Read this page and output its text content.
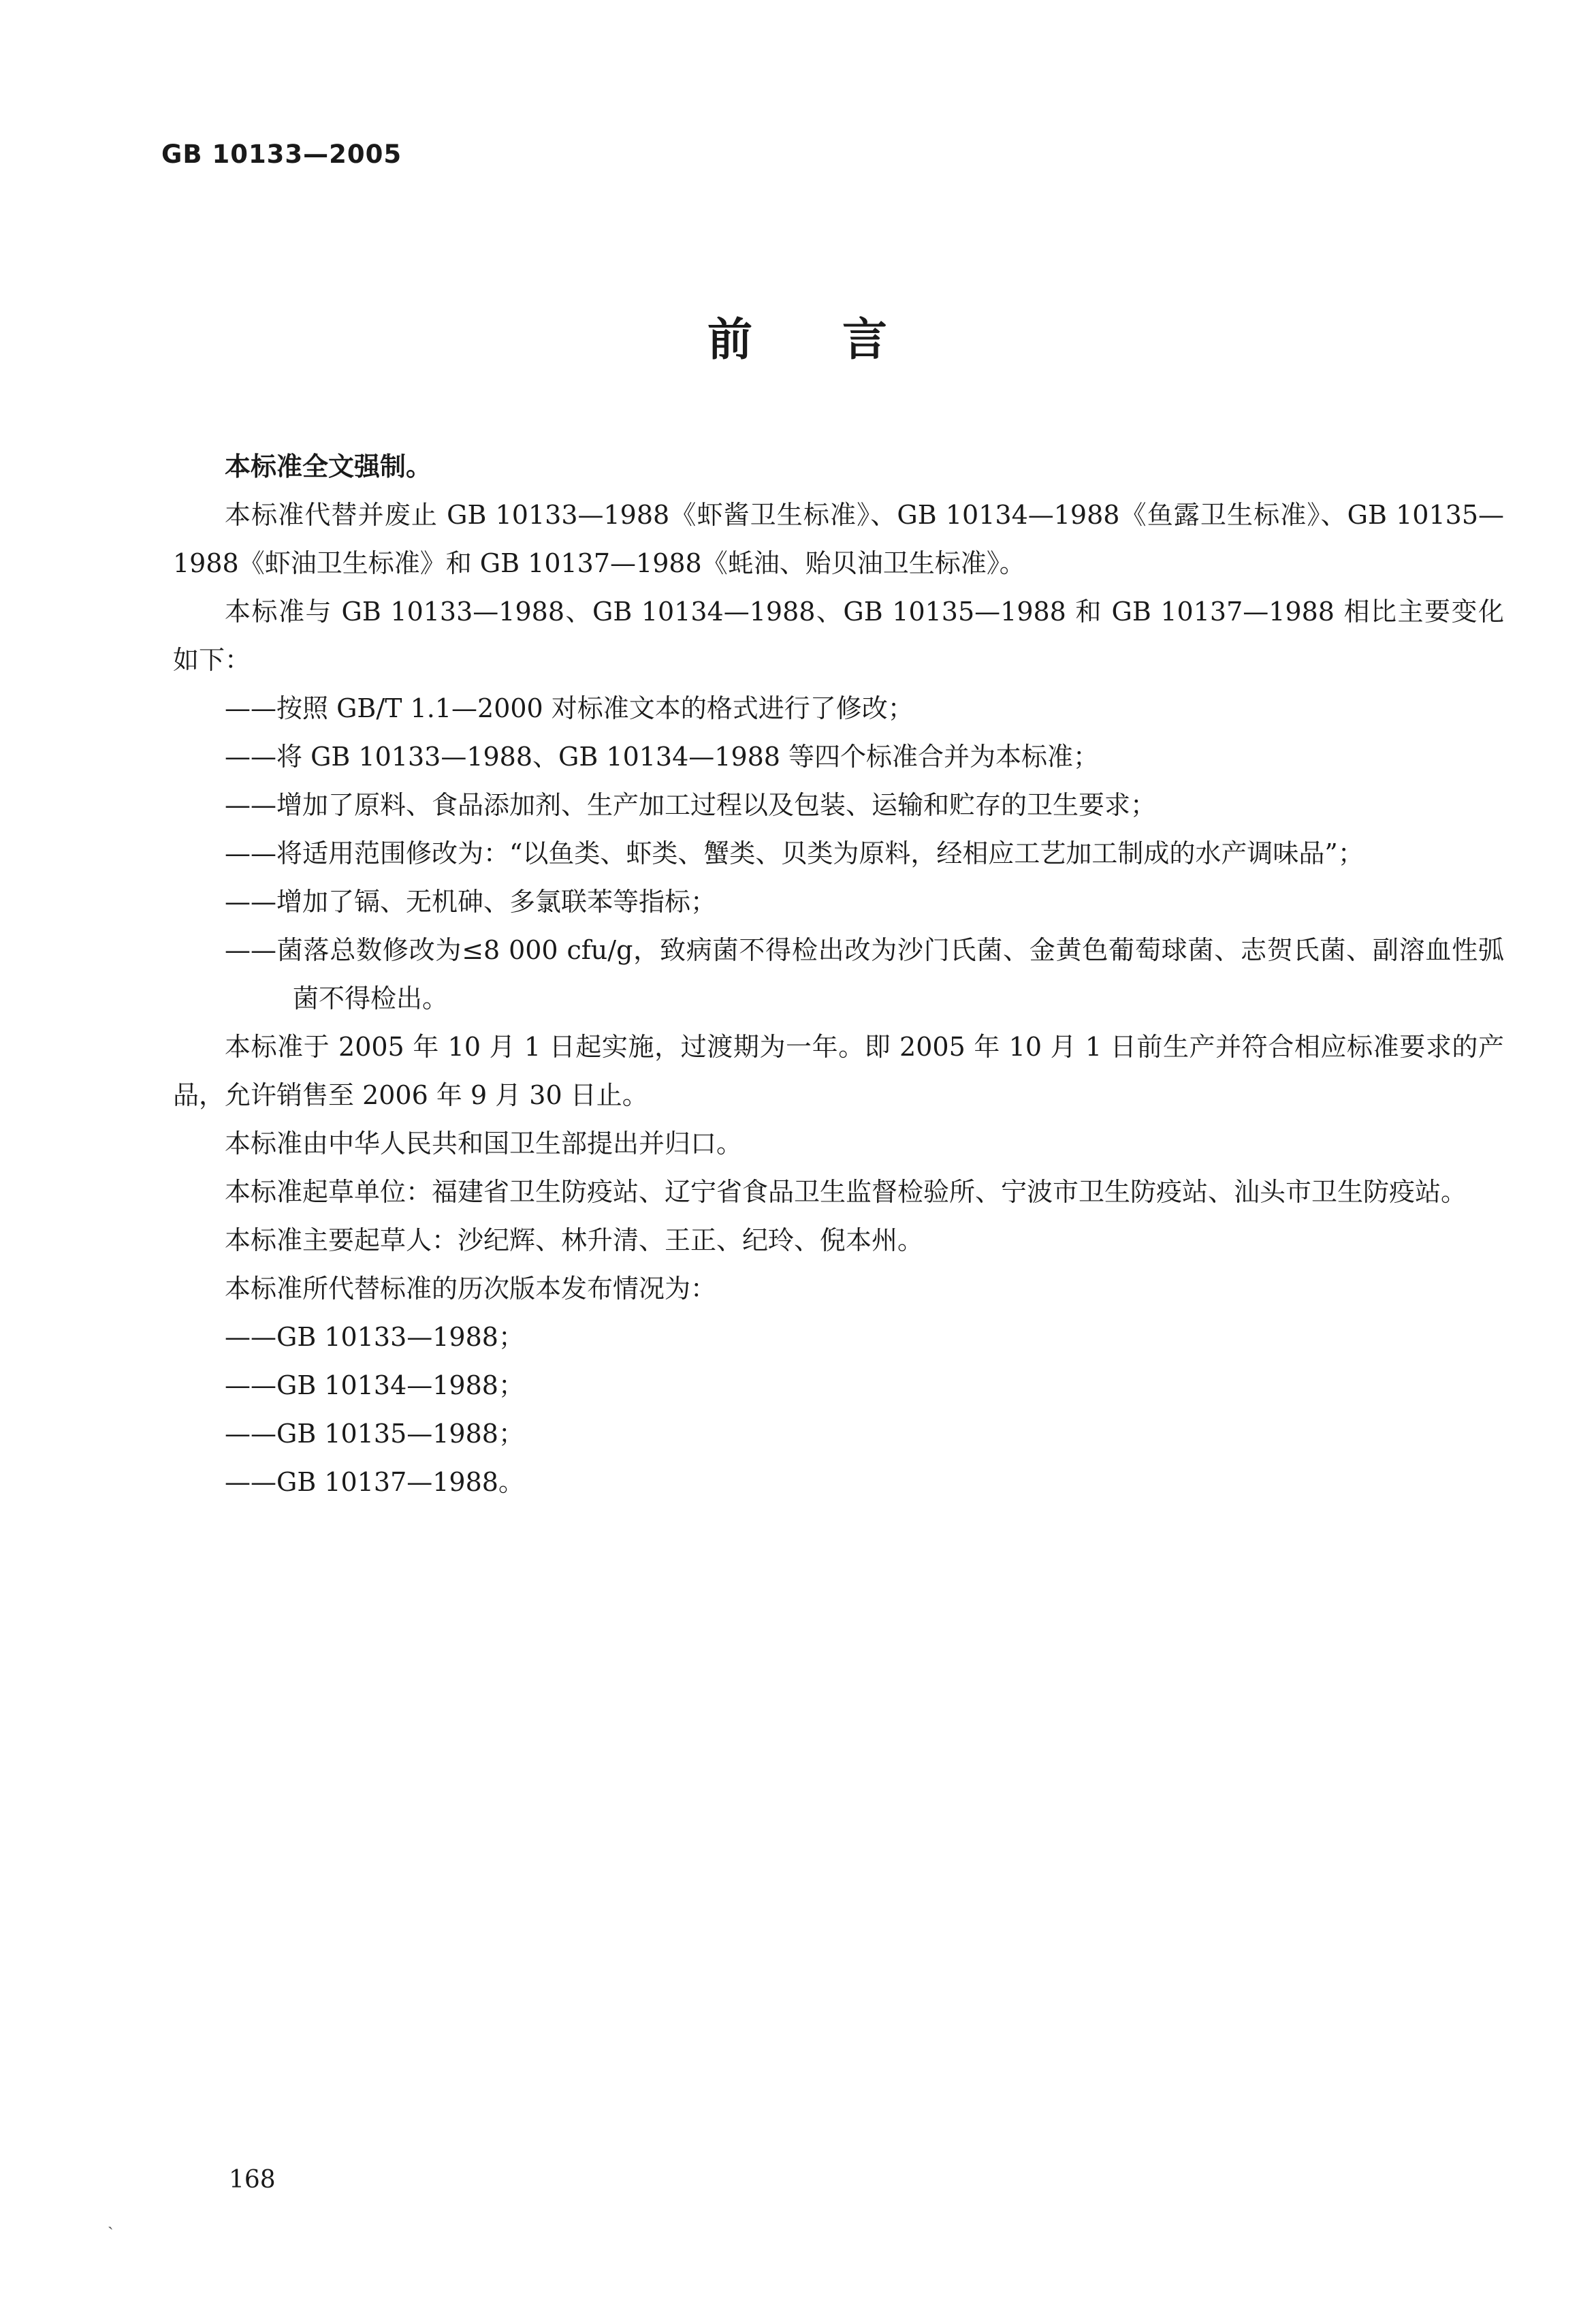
GB 10133—2005
前 言

本标准全文强制。

本标准代替并废止 GB 10133—1988《虾酱卫生标准》、GB 10134—1988《鱼露卫生标准》、GB 10135—1988《虾油卫生标准》和 GB 10137—1988《蚝油、贻贝油卫生标准》。

本标准与 GB 10133—1988、GB 10134—1988、GB 10135—1988 和 GB 10137—1988 相比主要变化如下：

——按照 GB/T 1.1—2000 对标准文本的格式进行了修改；
——将 GB 10133—1988、GB 10134—1988 等四个标准合并为本标准；
——增加了原料、食品添加剂、生产加工过程以及包装、运输和贮存的卫生要求；
——将适用范围修改为：“以鱼类、虾类、蟹类、贝类为原料，经相应工艺加工制成的水产调味品”；
——增加了镉、无机砷、多氯联苯等指标；
——菌落总数修改为≤8 000 cfu/g，致病菌不得检出改为沙门氏菌、金黄色葡萄球菌、志贺氏菌、副溶血性弧菌不得检出。

本标准于 2005 年 10 月 1 日起实施，过渡期为一年。即 2005 年 10 月 1 日前生产并符合相应标准要求的产品，允许销售至 2006 年 9 月 30 日止。

本标准由中华人民共和国卫生部提出并归口。

本标准起草单位：福建省卫生防疫站、辽宁省食品卫生监督检验所、宁波市卫生防疫站、汕头市卫生防疫站。

本标准主要起草人：沙纪辉、林升清、王正、纪玲、倪本州。

本标准所代替标准的历次版本发布情况为：

——GB 10133—1988；
——GB 10134—1988；
——GB 10135—1988；
——GB 10137—1988。
168
ˏ
